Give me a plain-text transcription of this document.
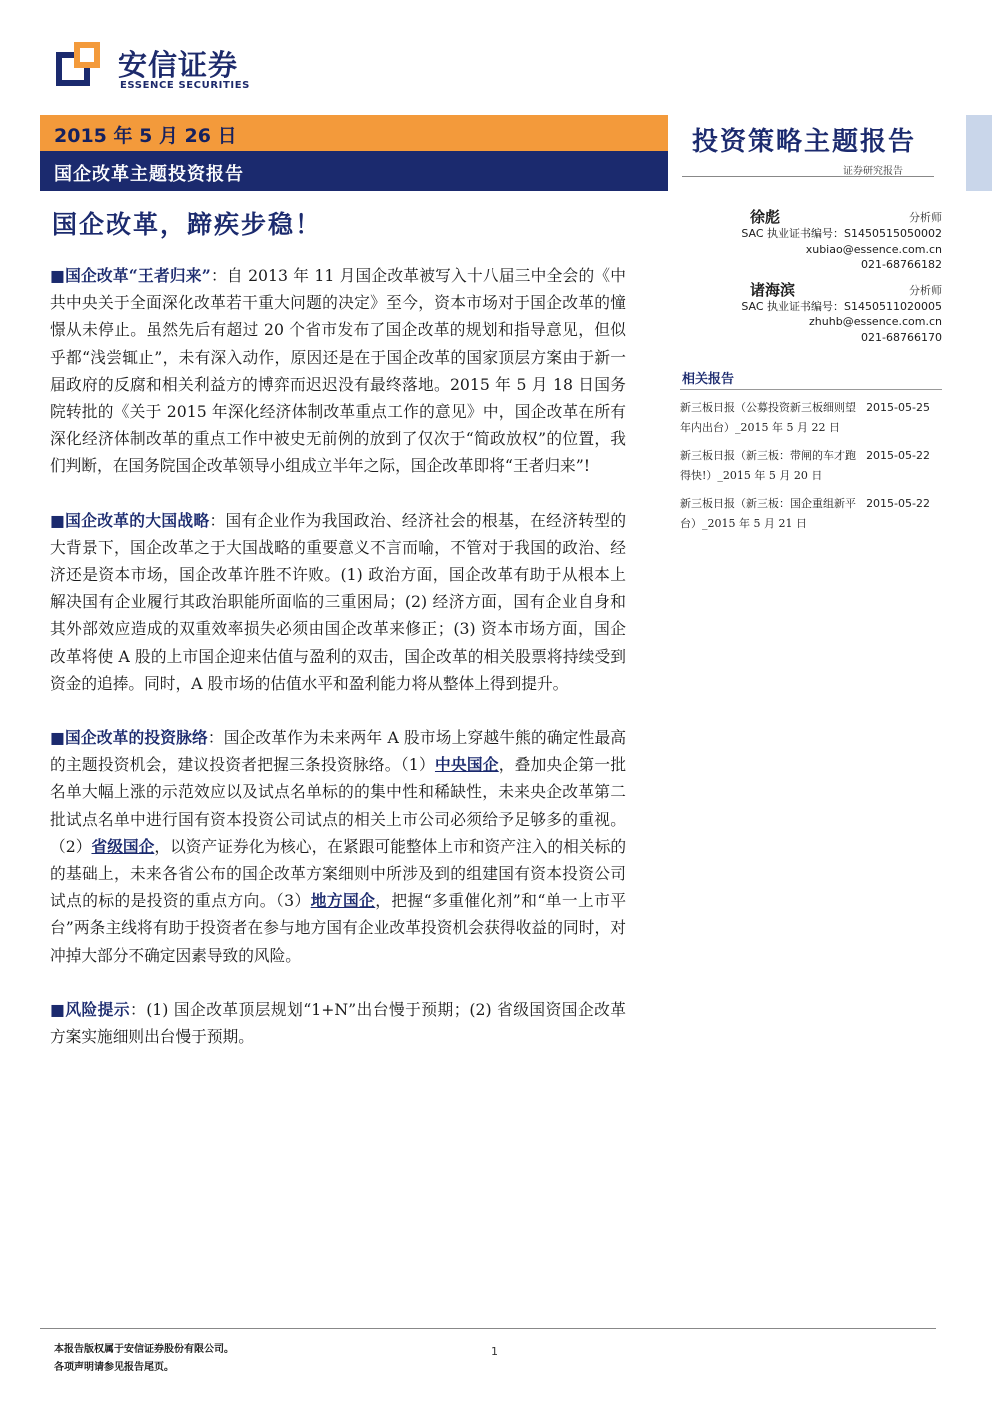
安信证券
ESSENCE SECURITIES
2015 年 5 月 26 日
国企改革主题投资报告
投资策略主题报告
证券研究报告
国企改革，蹄疾步稳！

■国企改革“王者归来”：自 2013 年 11 月国企改革被写入十八届三中全会的《中共中央关于全面深化改革若干重大问题的决定》至今，资本市场对于国企改革的憧憬从未停止。虽然先后有超过 20 个省市发布了国企改革的规划和指导意见，但似乎都“浅尝辄止”，未有深入动作，原因还是在于国企改革的国家顶层方案由于新一届政府的反腐和相关利益方的博弈而迟迟没有最终落地。2015 年 5 月 18 日国务院转批的《关于 2015 年深化经济体制改革重点工作的意见》中，国企改革在所有深化经济体制改革的重点工作中被史无前例的放到了仅次于“简政放权”的位置，我们判断，在国务院国企改革领导小组成立半年之际，国企改革即将“王者归来”!

■国企改革的大国战略：国有企业作为我国政治、经济社会的根基，在经济转型的大背景下，国企改革之于大国战略的重要意义不言而喻，不管对于我国的政治、经济还是资本市场，国企改革许胜不许败。(1) 政治方面，国企改革有助于从根本上解决国有企业履行其政治职能所面临的三重困局；(2) 经济方面，国有企业自身和其外部效应造成的双重效率损失必须由国企改革来修正；(3) 资本市场方面，国企改革将使 A 股的上市国企迎来估值与盈利的双击，国企改革的相关股票将持续受到资金的追捧。同时，A 股市场的估值水平和盈利能力将从整体上得到提升。

■国企改革的投资脉络：国企改革作为未来两年 A 股市场上穿越牛熊的确定性最高的主题投资机会，建议投资者把握三条投资脉络。（1）中央国企，叠加央企第一批名单大幅上涨的示范效应以及试点名单标的的集中性和稀缺性，未来央企改革第二批试点名单中进行国有资本投资公司试点的相关上市公司必须给予足够多的重视。（2）省级国企，以资产证券化为核心，在紧跟可能整体上市和资产注入的相关标的的基础上，未来各省公布的国企改革方案细则中所涉及到的组建国有资本投资公司试点的标的是投资的重点方向。（3）地方国企，把握“多重催化剂”和“单一上市平台”两条主线将有助于投资者在参与地方国有企业改革投资机会获得收益的同时，对冲掉大部分不确定因素导致的风险。

■风险提示：(1) 国企改革顶层规划“1+N”出台慢于预期；(2) 省级国资国企改革方案实施细则出台慢于预期。

徐彪	分析师
SAC 执业证书编号：S1450515050002
xubiao@essence.com.cn
021-68766182
诸海滨	分析师
SAC 执业证书编号：S1450511020005
zhuhb@essence.com.cn
021-68766170
相关报告
新三板日报（公募投资新三板细则望年内出台）_2015 年 5 月 22 日
2015-05-25
新三板日报（新三板：带闸的车才跑得快!）_2015 年 5 月 20 日
2015-05-22
新三板日报（新三板：国企重组新平台）_2015 年 5 月 21 日
2015-05-22
本报告版权属于安信证券股份有限公司。
各项声明请参见报告尾页。
1
